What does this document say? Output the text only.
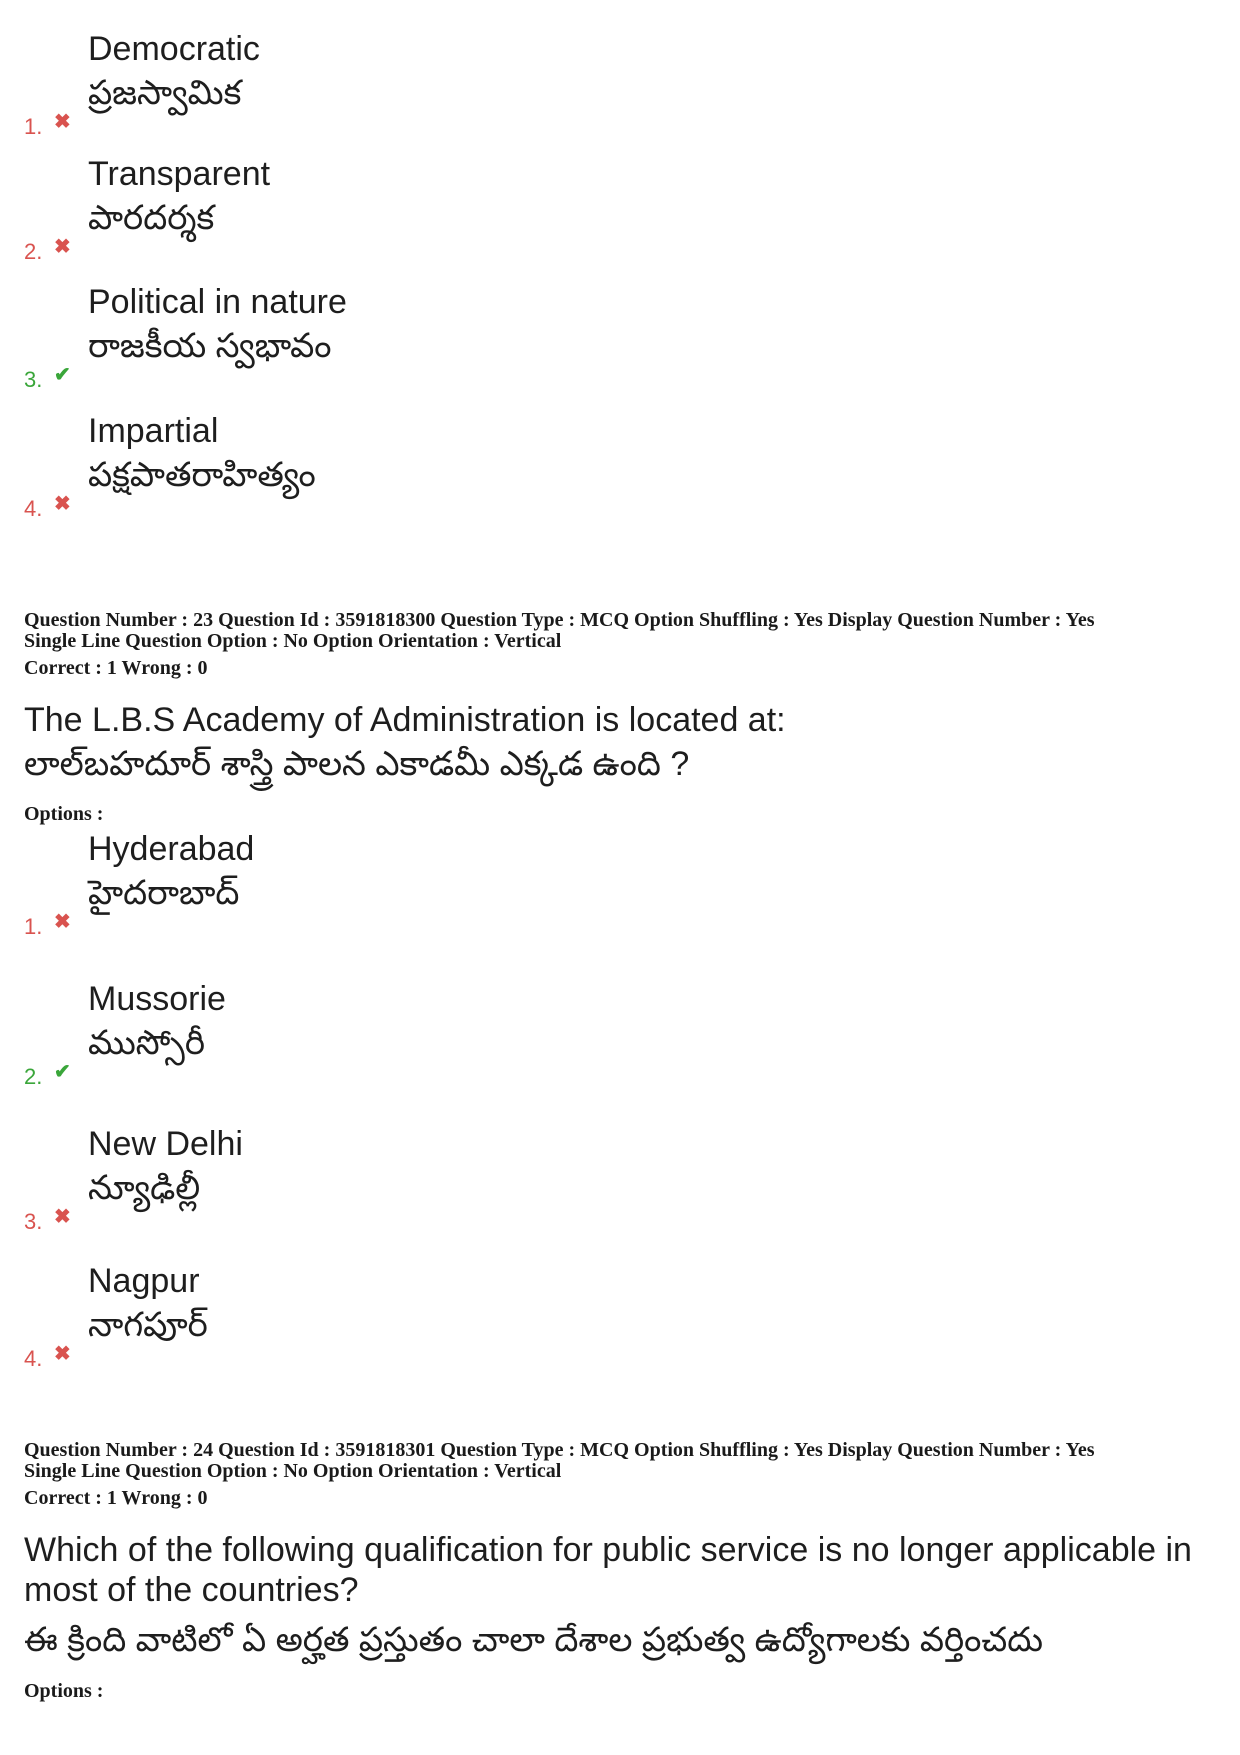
1. ✖
Democratic
ప్రజస్వామిక
2. ✖
Transparent
పారదర్శక
3. ✔
Political in nature
రాజకీయ స్వభావం
4. ✖
Impartial
పక్షపాతరాహిత్యం
Question Number : 23 Question Id : 3591818300 Question Type : MCQ Option Shuffling : Yes Display Question Number : Yes
Single Line Question Option : No Option Orientation : Vertical
Correct : 1 Wrong : 0
The L.B.S Academy of Administration is located at:
లాల్‌బహదూర్ శాస్త్రి పాలన ఎకాడమీ ఎక్కడ ఉంది ?
Options :
1. ✖
Hyderabad
హైదరాబాద్
2. ✔
Mussorie
ముస్సోరీ
3. ✖
New Delhi
న్యూఢిల్లీ
4. ✖
Nagpur
నాగపూర్
Question Number : 24 Question Id : 3591818301 Question Type : MCQ Option Shuffling : Yes Display Question Number : Yes
Single Line Question Option : No Option Orientation : Vertical
Correct : 1 Wrong : 0
Which of the following qualification for public service is no longer applicable in most of the countries?
ఈ క్రింది వాటిలో ఏ అర్హత ప్రస్తుతం చాలా దేశాల ప్రభుత్వ ఉద్యోగాలకు వర్తించదు
Options :
